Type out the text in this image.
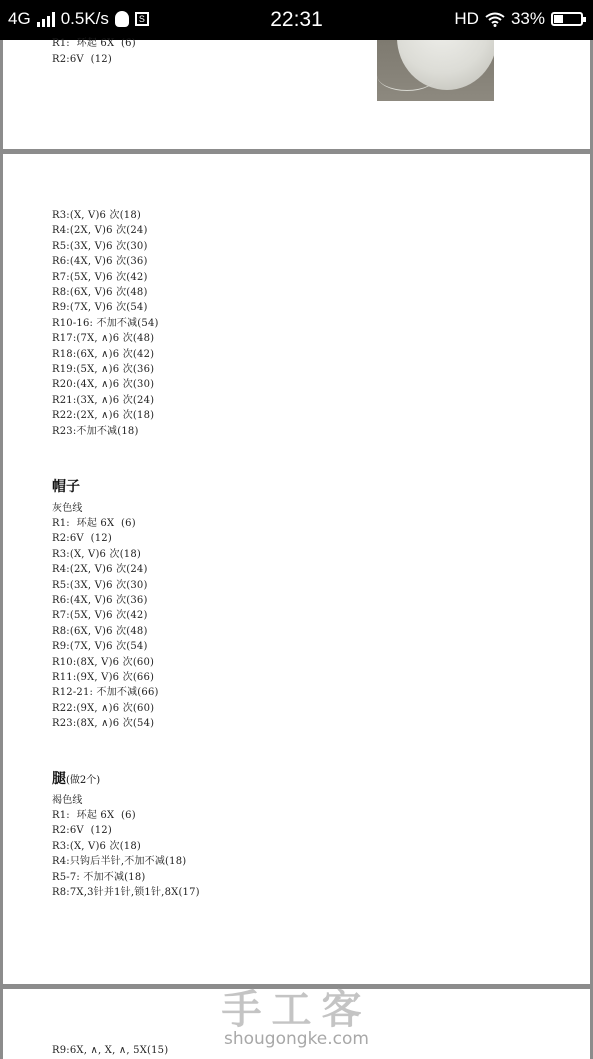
4G 0.5K/s	S	22:31	HD 33%
R1:  环起 6X  (6)
R2:6V  (12)
R3:(X, V)6 次(18)
R4:(2X, V)6 次(24)
R5:(3X, V)6 次(30)
R6:(4X, V)6 次(36)
R7:(5X, V)6 次(42)
R8:(6X, V)6 次(48)
R9:(7X, V)6 次(54)
R10-16: 不加不减(54)
R17:(7X, ∧)6 次(48)
R18:(6X, ∧)6 次(42)
R19:(5X, ∧)6 次(36)
R20:(4X, ∧)6 次(30)
R21:(3X, ∧)6 次(24)
R22:(2X, ∧)6 次(18)
R23:不加不减(18)
帽子
灰色线
R1:  环起 6X  (6)
R2:6V  (12)
R3:(X, V)6 次(18)
R4:(2X, V)6 次(24)
R5:(3X, V)6 次(30)
R6:(4X, V)6 次(36)
R7:(5X, V)6 次(42)
R8:(6X, V)6 次(48)
R9:(7X, V)6 次(54)
R10:(8X, V)6 次(60)
R11:(9X, V)6 次(66)
R12-21: 不加不减(66)
R22:(9X, ∧)6 次(60)
R23:(8X, ∧)6 次(54)
腿(做2个)
褐色线
R1:  环起 6X  (6)
R2:6V  (12)
R3:(X, V)6 次(18)
R4:只钩后半针,不加不减(18)
R5-7: 不加不减(18)
R8:7X,3针并1针,锁1针,8X(17)
R9:6X, ∧, X, ∧, 5X(15)
手工客
shougongke.com
